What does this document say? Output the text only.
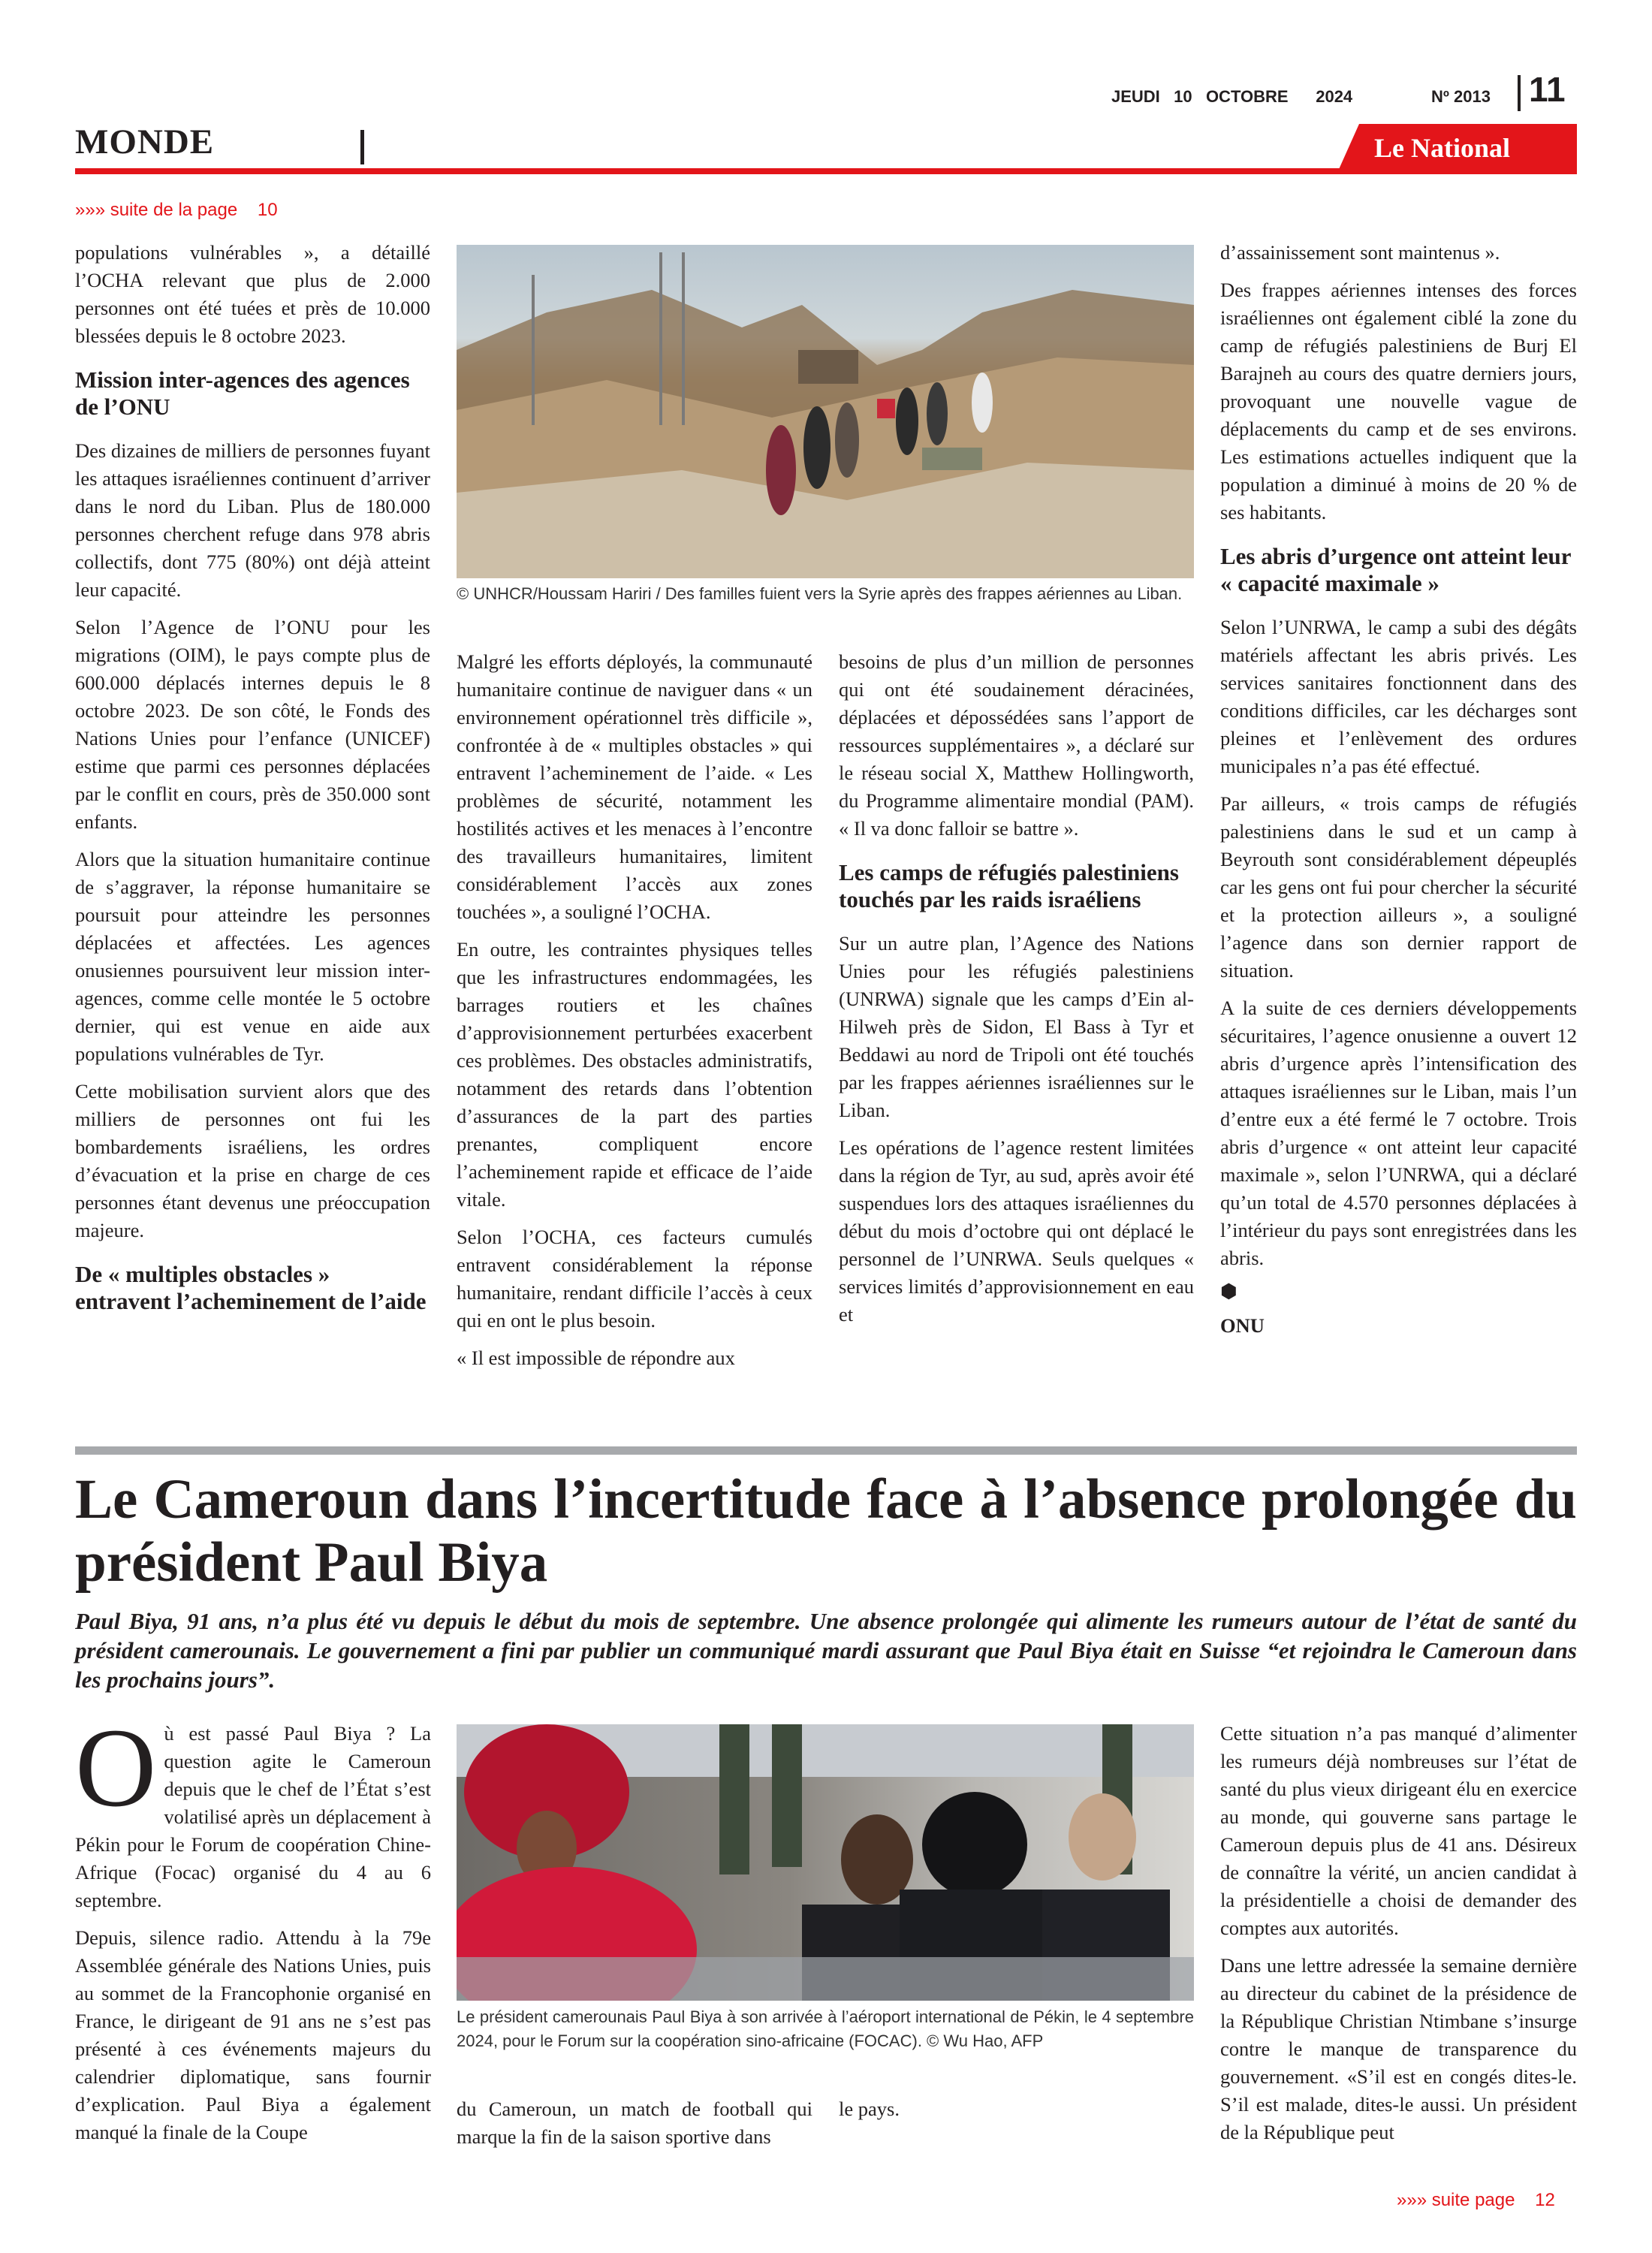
JEUDI   10   OCTOBRE      2024	Nº 2013 11
MONDE	Le National
»»» suite de la page    10

populations vulnérables », a détaillé l’OCHA relevant que plus de 2.000 personnes ont été tuées et près de 10.000 blessées depuis le 8 octobre 2023.

Mission inter-agences des agences de l’ONU

Des dizaines de milliers de personnes fuyant les attaques israéliennes continuent d’arriver dans le nord du Liban. Plus de 180.000 personnes cherchent refuge dans 978 abris collectifs, dont 775 (80%) ont déjà atteint leur capacité.

Selon l’Agence de l’ONU pour les migrations (OIM), le pays compte plus de 600.000 déplacés internes depuis le 8 octobre 2023. De son côté, le Fonds des Nations Unies pour l’enfance (UNICEF) estime que parmi ces personnes déplacées par le conflit en cours, près de 350.000 sont enfants.

Alors que la situation humanitaire continue de s’aggraver, la réponse humanitaire se poursuit pour atteindre les personnes déplacées et affectées. Les agences onusiennes poursuivent leur mission inter-agences, comme celle montée le 5 octobre dernier, qui est venue en aide aux populations vulnérables de Tyr.

Cette mobilisation survient alors que des milliers de personnes ont fui les bombardements israéliens, les ordres d’évacuation et la prise en charge de ces personnes étant devenus une préoccupation majeure.

De « multiples obstacles » entravent l’acheminement de l’aide
© UNHCR/Houssam Hariri / Des familles fuient vers la Syrie après des frappes aériennes au Liban.

Malgré les efforts déployés, la communauté humanitaire continue de naviguer dans « un environnement opérationnel très difficile », confrontée à de « multiples obstacles » qui entravent l’acheminement de l’aide. « Les problèmes de sécurité, notamment les hostilités actives et les menaces à l’encontre des travailleurs humanitaires, limitent considérablement l’accès aux zones touchées », a souligné l’OCHA.

En outre, les contraintes physiques telles que les infrastructures endommagées, les barrages routiers et les chaînes d’approvisionnement perturbées exacerbent ces problèmes. Des obstacles administratifs, notamment des retards dans l’obtention d’assurances de la part des parties prenantes, compliquent encore l’acheminement rapide et efficace de l’aide vitale.

Selon l’OCHA, ces facteurs cumulés entravent considérablement la réponse humanitaire, rendant difficile l’accès à ceux qui en ont le plus besoin.

« Il est impossible de répondre aux

besoins de plus d’un million de personnes qui ont été soudainement déracinées, déplacées et dépossédées sans l’apport de ressources supplémentaires », a déclaré sur le réseau social X, Matthew Hollingworth, du Programme alimentaire mondial (PAM). « Il va donc falloir se battre ».

Les camps de réfugiés palestiniens touchés par les raids israéliens

Sur un autre plan, l’Agence des Nations Unies pour les réfugiés palestiniens (UNRWA) signale que les camps d’Ein al-Hilweh près de Sidon, El Bass à Tyr et Beddawi au nord de Tripoli ont été touchés par les frappes aériennes israéliennes sur le Liban.

Les opérations de l’agence restent limitées dans la région de Tyr, au sud, après avoir été suspendues lors des attaques israéliennes du début du mois d’octobre qui ont déplacé le personnel de l’UNRWA. Seuls quelques « services limités d’approvisionnement en eau et

d’assainissement sont maintenus ».

Des frappes aériennes intenses des forces israéliennes ont également ciblé la zone du camp de réfugiés palestiniens de Burj El Barajneh au cours des quatre derniers jours, provoquant une nouvelle vague de déplacements du camp et de ses environs. Les estimations actuelles indiquent que la population a diminué à moins de 20 % de ses habitants.

Les abris d’urgence ont atteint leur « capacité maximale »

Selon l’UNRWA, le camp a subi des dégâts matériels affectant les abris privés. Les services sanitaires fonctionnent dans des conditions difficiles, car les décharges sont pleines et l’enlèvement des ordures municipales n’a pas été effectué.

Par ailleurs, « trois camps de réfugiés palestiniens dans le sud et un camp à Beyrouth sont considérablement dépeuplés car les gens ont fui pour chercher la sécurité et la protection ailleurs », a souligné l’agence dans son dernier rapport de situation.

A la suite de ces derniers développements sécuritaires, l’agence onusienne a ouvert 12 abris d’urgence après l’intensification des attaques israéliennes sur le Liban, mais l’un d’entre eux a été fermé le 7 octobre. Trois abris d’urgence « ont atteint leur capacité maximale », selon l’UNRWA, qui a déclaré qu’un total de 4.570 personnes déplacées à l’intérieur du pays sont enregistrées dans les abris.

⬢
ONU
Le Cameroun dans l’incertitude face à l’absence prolongée du président Paul Biya
Paul Biya, 91 ans, n’a plus été vu depuis le début du mois de septembre. Une absence prolongée qui alimente les rumeurs autour de l’état de santé du président camerounais. Le gouvernement a fini par publier un communiqué mardi assurant que Paul Biya était en Suisse “et rejoindra le Cameroun dans les prochains jours”.

O ù est passé Paul Biya ? La question agite le Cameroun depuis que le chef de l’État s’est volatilisé après un déplacement à Pékin pour le Forum de coopération Chine-Afrique (Focac) organisé du 4 au 6 septembre.

Depuis, silence radio. Attendu à la 79e Assemblée générale des Nations Unies, puis au sommet de la Francophonie organisé en France, le dirigeant de 91 ans ne s’est pas présenté à ces événements majeurs du calendrier diplomatique, sans fournir d’explication. Paul Biya a également manqué la finale de la Coupe

Le président camerounais Paul Biya à son arrivée à l’aéroport international de Pékin, le 4 septembre 2024, pour le Forum sur la coopération sino-africaine (FOCAC). © Wu Hao, AFP

du Cameroun, un match de football qui marque la fin de la saison sportive dans

le pays.

Cette situation n’a pas manqué d’alimenter les rumeurs déjà nombreuses sur l’état de santé du plus vieux dirigeant élu en exercice au monde, qui gouverne sans partage le Cameroun depuis plus de 41 ans. Désireux de connaître la vérité, un ancien candidat à la présidentielle a choisi de demander des comptes aux autorités.

Dans une lettre adressée la semaine dernière au directeur du cabinet de la présidence de la République Christian Ntimbane s’insurge contre le manque de transparence du gouvernement. «S’il est en congés dites-le. S’il est malade, dites-le aussi. Un président de la République peut

»»» suite page    12
